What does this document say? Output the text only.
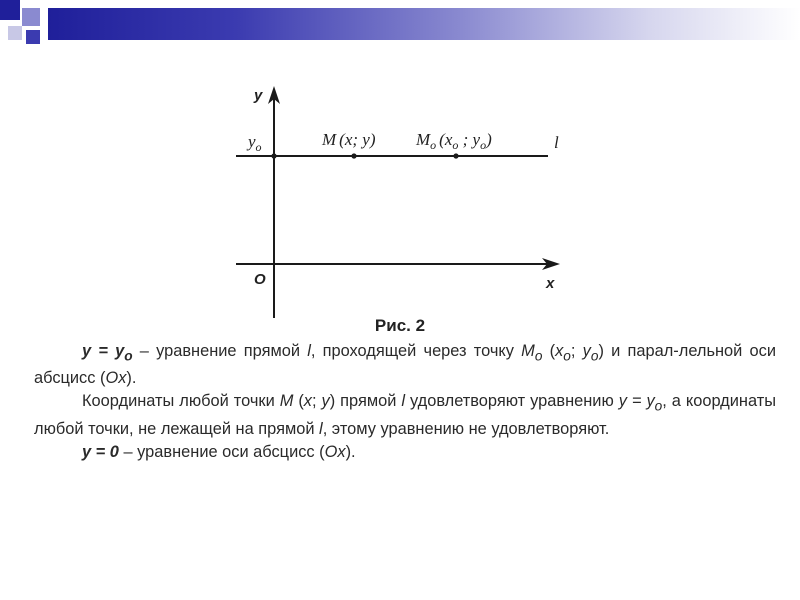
y
x
O
$y_o$	M (x; y) $M_o$ ($x_o$ ; $y_o$)	l
Рис. 2

$y = y_o$ – уравнение прямой l, проходящей через точку $M_o$ ($x_o$; $y_o$) и парал-лельной оси абсцисс (Ox).

Координаты любой точки M (x; y) прямой l удовлетворяют уравнению $y = y_o$, а координаты любой точки, не лежащей на прямой l, этому уравнению не удовлетворяют.

y = 0 – уравнение оси абсцисс (Ox).
